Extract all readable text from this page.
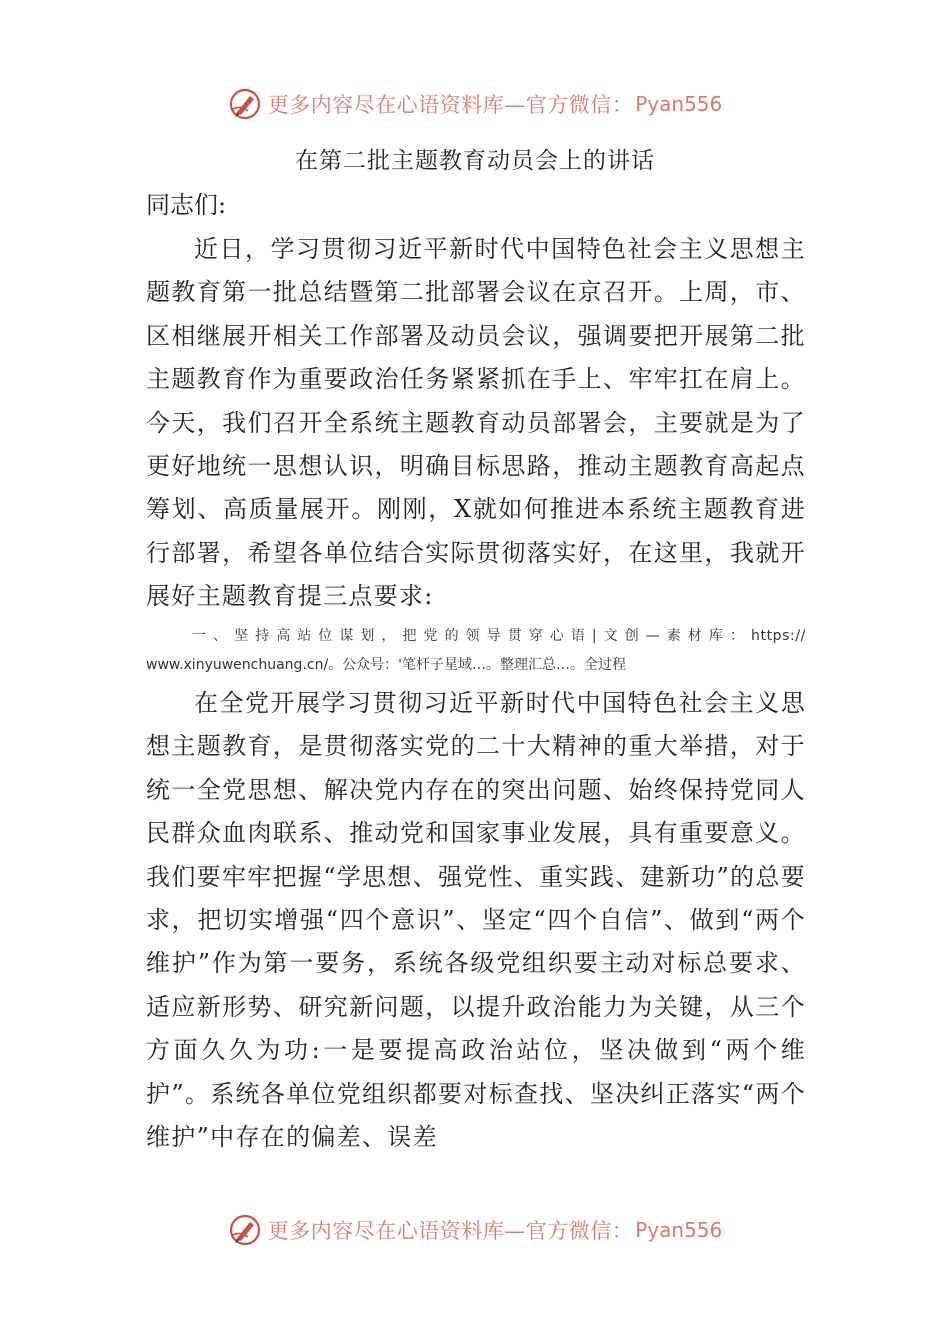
更多内容尽在心语资料库—官方微信： Pyan556
在第二批主题教育动员会上的讲话
同志们:

近日，学习贯彻习近平新时代中国特色社会主义思想主题教育第一批总结暨第二批部署会议在京召开。上周，市、区相继展开相关工作部署及动员会议，强调要把开展第二批主题教育作为重要政治任务紧紧抓在手上、牢牢扛在肩上。今天，我们召开全系统主题教育动员部署会，主要就是为了更好地统一思想认识，明确目标思路，推动主题教育高起点筹划、高质量展开。刚刚，X就如何推进本系统主题教育进行部署，希望各单位结合实际贯彻落实好，在这里，我就开展好主题教育提三点要求:

一、坚持高站位谋划，把党的领导贯穿心语|文创—素材库：https://
www.xinyuwenchuang.cn/。公众号：'笔杆子星域…。整理汇总…。全过程

在全党开展学习贯彻习近平新时代中国特色社会主义思想主题教育，是贯彻落实党的二十大精神的重大举措，对于统一全党思想、解决党内存在的突出问题、始终保持党同人民群众血肉联系、推动党和国家事业发展，具有重要意义。我们要牢牢把握“学思想、强党性、重实践、建新功”的总要求，把切实增强“四个意识”、坚定“四个自信”、做到“两个维护”作为第一要务，系统各级党组织要主动对标总要求、适应新形势、研究新问题，以提升政治能力为关键，从三个方面久久为功:一是要提高政治站位，坚决做到“两个维护”。系统各单位党组织都要对标查找、坚决纠正落实“两个维护”中存在的偏差、误差

更多内容尽在心语资料库—官方微信： Pyan556
